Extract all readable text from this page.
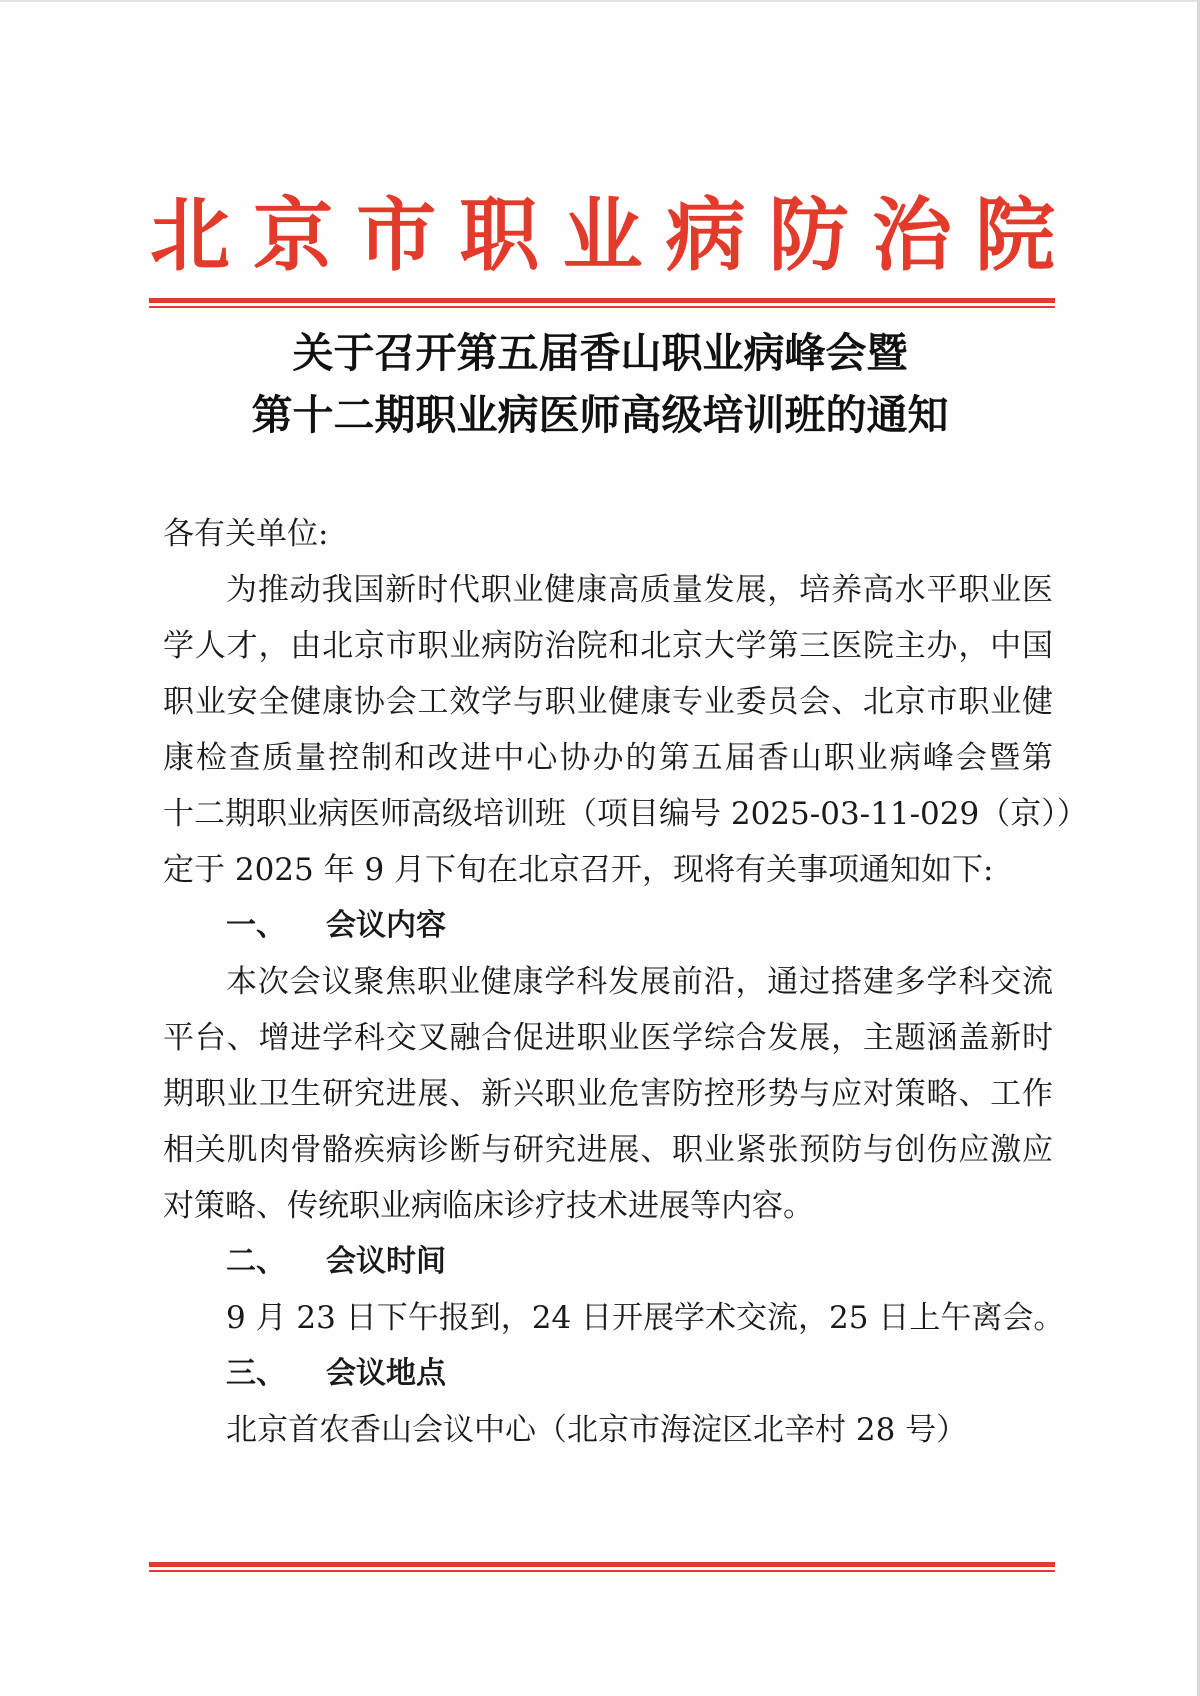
北 京 市 职 业 病 防 治 院
关于召开第五届香山职业病峰会暨
第十二期职业病医师高级培训班的通知
各有关单位:
为推动我国新时代职业健康高质量发展，培养高水平职业医
学人才，由北京市职业病防治院和北京大学第三医院主办，中国
职业安全健康协会工效学与职业健康专业委员会、北京市职业健
康检查质量控制和改进中心协办的第五届香山职业病峰会暨第
十二期职业病医师高级培训班（项目编号 2025-03-11-029（京））
定于 2025 年 9 月下旬在北京召开，现将有关事项通知如下:
一、 会议内容
本次会议聚焦职业健康学科发展前沿，通过搭建多学科交流
平台、增进学科交叉融合促进职业医学综合发展，主题涵盖新时
期职业卫生研究进展、新兴职业危害防控形势与应对策略、工作
相关肌肉骨骼疾病诊断与研究进展、职业紧张预防与创伤应激应
对策略、传统职业病临床诊疗技术进展等内容。
二、 会议时间
9 月 23 日下午报到，24 日开展学术交流，25 日上午离会。
三、 会议地点
北京首农香山会议中心（北京市海淀区北辛村 28 号）
